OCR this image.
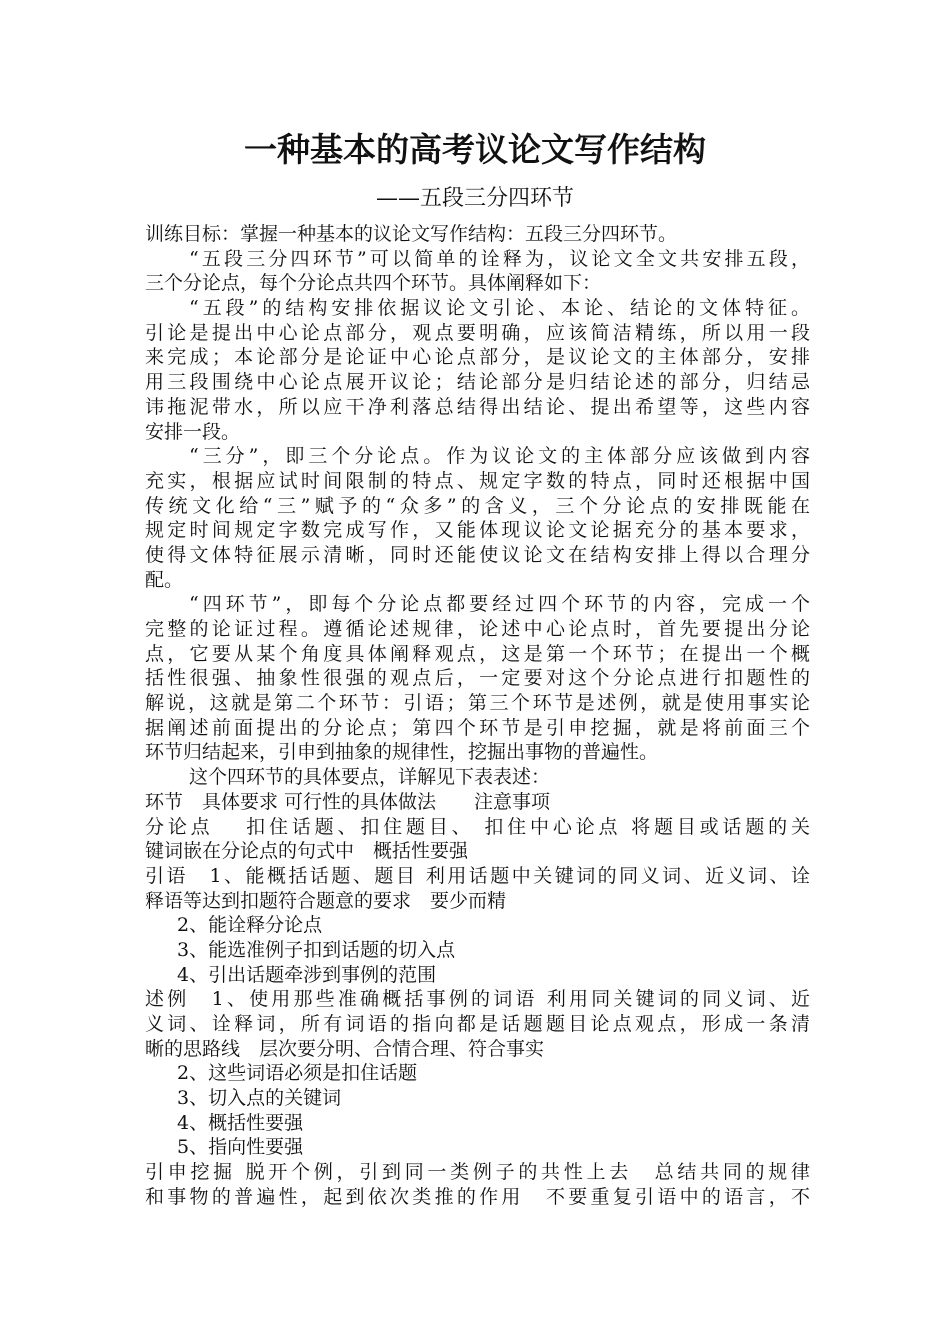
一种基本的高考议论文写作结构
——五段三分四环节
训练目标：掌握一种基本的议论文写作结构：五段三分四环节。
“五段三分四环节”可以简单的诠释为，议论文全文共安排五段，
三个分论点，每个分论点共四个环节。具体阐释如下：
“五段”的结构安排依据议论文引论、本论、结论的文体特征。
引论是提出中心论点部分，观点要明确，应该简洁精练，所以用一段
来完成；本论部分是论证中心论点部分，是议论文的主体部分，安排
用三段围绕中心论点展开议论；结论部分是归结论述的部分，归结忌
讳拖泥带水，所以应干净利落总结得出结论、提出希望等，这些内容
安排一段。
“三分”，即三个分论点。作为议论文的主体部分应该做到内容
充实，根据应试时间限制的特点、规定字数的特点，同时还根据中国
传统文化给“三”赋予的“众多”的含义，三个分论点的安排既能在
规定时间规定字数完成写作，又能体现议论文论据充分的基本要求，
使得文体特征展示清晰，同时还能使议论文在结构安排上得以合理分
配。
“四环节”，即每个分论点都要经过四个环节的内容，完成一个
完整的论证过程。遵循论述规律，论述中心论点时，首先要提出分论
点，它要从某个角度具体阐释观点，这是第一个环节；在提出一个概
括性很强、抽象性很强的观点后，一定要对这个分论点进行扣题性的
解说，这就是第二个环节：引语；第三个环节是述例，就是使用事实论
据阐述前面提出的分论点；第四个环节是引申挖掘，就是将前面三个
环节归结起来，引申到抽象的规律性，挖掘出事物的普遍性。
这个四环节的具体要点，详解见下表表述：
环节　具体要求 可行性的具体做法　　注意事项
分论点　 扣住话题、扣住题目、 扣住中心论点 将题目或话题的关
键词嵌在分论点的句式中　概括性要强
引语　1、能概括话题、题目 利用话题中关键词的同义词、近义词、诠
释语等达到扣题符合题意的要求　要少而精
2、能诠释分论点
3、能选准例子扣到话题的切入点
4、引出话题牵涉到事例的范围
述例　1、使用那些准确概括事例的词语 利用同关键词的同义词、近
义词、诠释词，所有词语的指向都是话题题目论点观点，形成一条清
晰的思路线　层次要分明、合情合理、符合事实
2、这些词语必须是扣住话题
3、切入点的关键词
4、概括性要强
5、指向性要强
引申挖掘 脱开个例，引到同一类例子的共性上去　总结共同的规律
和事物的普遍性，起到依次类推的作用　不要重复引语中的语言，不
